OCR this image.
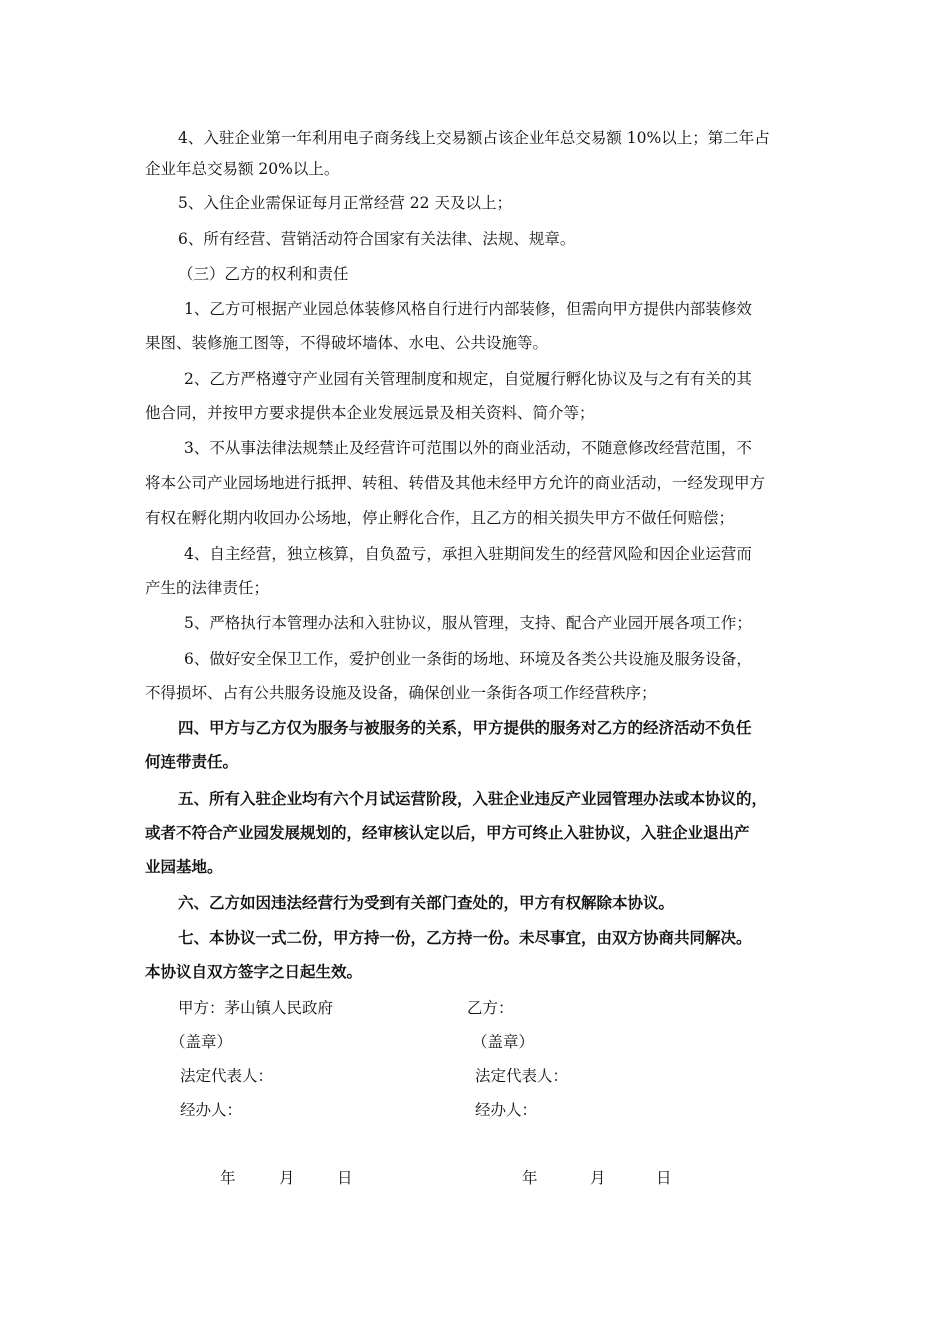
4、入驻企业第一年利用电子商务线上交易额占该企业年总交易额 10%以上；第二年占
企业年总交易额 20%以上。
5、入住企业需保证每月正常经营 22 天及以上；
6、所有经营、营销活动符合国家有关法律、法规、规章。
（三）乙方的权利和责任
1、乙方可根据产业园总体装修风格自行进行内部装修，但需向甲方提供内部装修效
果图、装修施工图等，不得破坏墙体、水电、公共设施等。
2、乙方严格遵守产业园有关管理制度和规定，自觉履行孵化协议及与之有有关的其
他合同，并按甲方要求提供本企业发展远景及相关资料、简介等；
3、不从事法律法规禁止及经营许可范围以外的商业活动，不随意修改经营范围，不
将本公司产业园场地进行抵押、转租、转借及其他未经甲方允许的商业活动，一经发现甲方
有权在孵化期内收回办公场地，停止孵化合作，且乙方的相关损失甲方不做任何赔偿；
4、自主经营，独立核算，自负盈亏，承担入驻期间发生的经营风险和因企业运营而
产生的法律责任；
5、严格执行本管理办法和入驻协议，服从管理，支持、配合产业园开展各项工作；
6、做好安全保卫工作，爱护创业一条街的场地、环境及各类公共设施及服务设备，
不得损坏、占有公共服务设施及设备，确保创业一条街各项工作经营秩序；
四、甲方与乙方仅为服务与被服务的关系，甲方提供的服务对乙方的经济活动不负任
何连带责任。
五、所有入驻企业均有六个月试运营阶段，入驻企业违反产业园管理办法或本协议的，
或者不符合产业园发展规划的，经审核认定以后，甲方可终止入驻协议，入驻企业退出产
业园基地。
六、乙方如因违法经营行为受到有关部门查处的，甲方有权解除本协议。
七、本协议一式二份，甲方持一份，乙方持一份。未尽事宜，由双方协商共同解决。
本协议自双方签字之日起生效。
甲方：茅山镇人民政府	乙方：
（盖章）	（盖章）
法定代表人：	法定代表人：
经办人：	经办人：
年	月	日	年	月	日
